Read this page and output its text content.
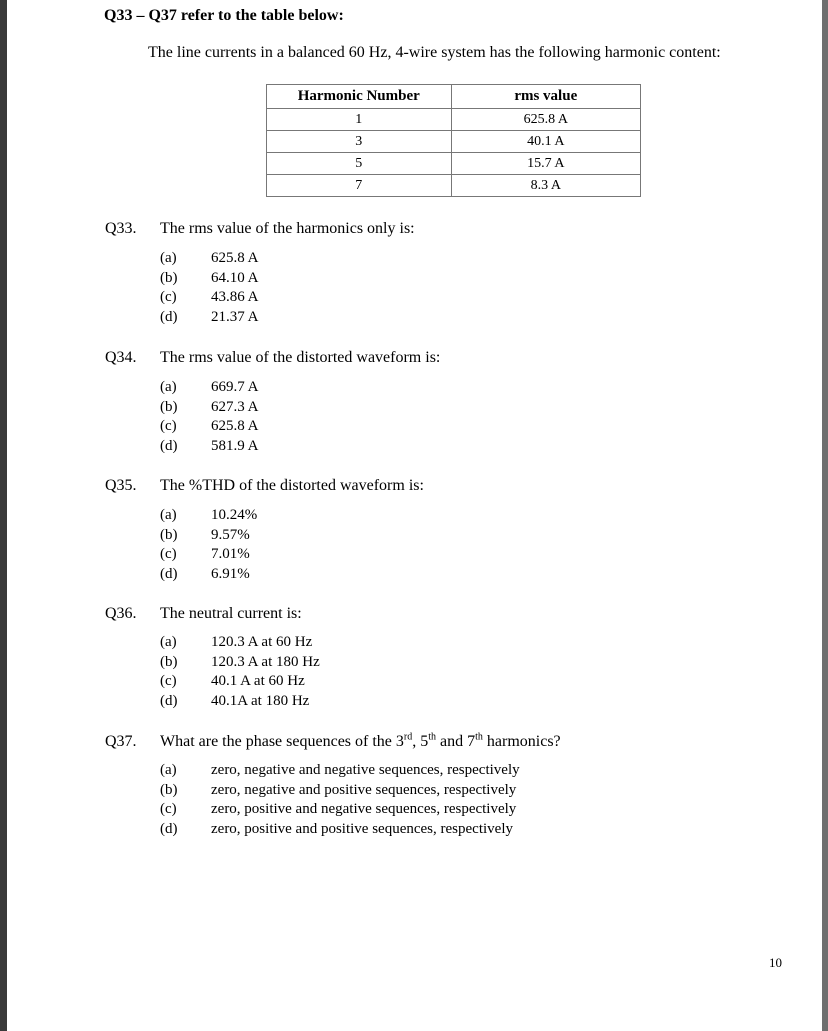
Q33 – Q37 refer to the table below:
The line currents in a balanced 60 Hz, 4-wire system has the following harmonic content:
Harmonic Number	rms value
1	625.8 A
3	40.1 A
5	15.7 A
7	8.3 A
Q33. The rms value of the harmonics only is:
(a) 625.8 A
(b) 64.10 A
(c) 43.86 A
(d) 21.37 A
Q34. The rms value of the distorted waveform is:
(a) 669.7 A
(b) 627.3 A
(c) 625.8 A
(d) 581.9 A
Q35. The %THD of the distorted waveform is:
(a) 10.24%
(b) 9.57%
(c) 7.01%
(d) 6.91%
Q36. The neutral current is:
(a) 120.3 A at 60 Hz
(b) 120.3 A at 180 Hz
(c) 40.1 A at 60 Hz
(d) 40.1A at 180 Hz
Q37. What are the phase sequences of the 3rd, 5th and 7th harmonics?
(a) zero, negative and negative sequences, respectively
(b) zero, negative and positive sequences, respectively
(c) zero, positive and negative sequences, respectively
(d) zero, positive and positive sequences, respectively
10
